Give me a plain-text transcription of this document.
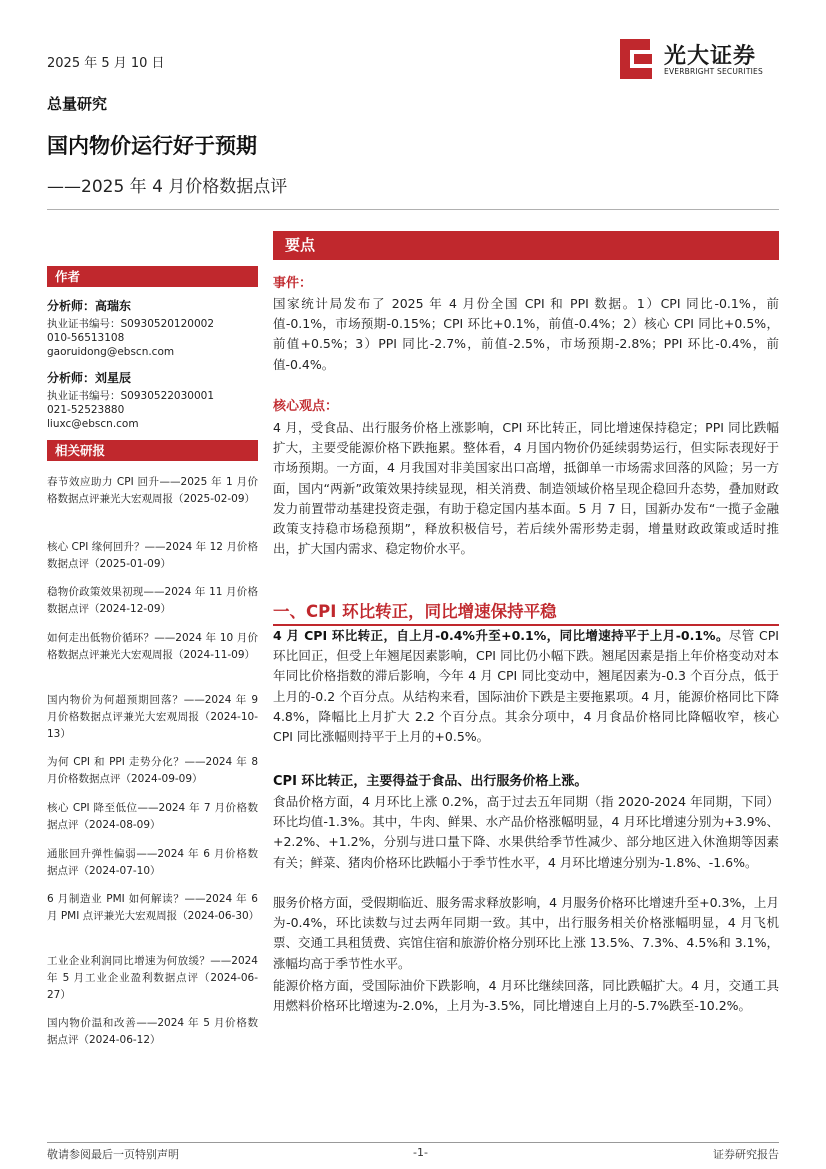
2025 年 5 月 10 日	光大证券
EVERBRIGHT SECURITIES
总量研究
国内物价运行好于预期
——2025 年 4 月价格数据点评
作者
分析师：高瑞东
执业证书编号：S0930520120002
010-56513108
gaoruidong@ebscn.com
分析师：刘星辰
执业证书编号：S0930522030001
021-52523880
liuxc@ebscn.com
相关研报
春节效应助力 CPI 回升——2025 年 1 月价格数据点评兼光大宏观周报（2025-02-09）
核心 CPI 缘何回升？——2024 年 12 月价格数据点评（2025-01-09）
稳物价政策效果初现——2024 年 11 月价格数据点评（2024-12-09）
如何走出低物价循环？——2024 年 10 月价格数据点评兼光大宏观周报（2024-11-09）
国内物价为何超预期回落？——2024 年 9 月价格数据点评兼光大宏观周报（2024-10-13）
为何 CPI 和 PPI 走势分化？——2024 年 8 月价格数据点评（2024-09-09）
核心 CPI 降至低位——2024 年 7 月价格数据点评（2024-08-09）
通胀回升弹性偏弱——2024 年 6 月价格数据点评（2024-07-10）
6 月制造业 PMI 如何解读？——2024 年 6 月 PMI 点评兼光大宏观周报（2024-06-30）
工业企业利润同比增速为何放缓？——2024 年 5 月工业企业盈利数据点评（2024-06-27）
国内物价温和改善——2024 年 5 月价格数据点评（2024-06-12）
要点
事件：
国家统计局发布了 2025 年 4 月份全国 CPI 和 PPI 数据。1）CPI 同比-0.1%，前值-0.1%，市场预期-0.15%；CPI 环比+0.1%，前值-0.4%；2）核心 CPI 同比+0.5%，前值+0.5%；3）PPI 同比-2.7%，前值-2.5%，市场预期-2.8%；PPI 环比-0.4%，前值-0.4%。
核心观点：
4 月，受食品、出行服务价格上涨影响，CPI 环比转正，同比增速保持稳定；PPI 同比跌幅扩大，主要受能源价格下跌拖累。整体看，4 月国内物价仍延续弱势运行，但实际表现好于市场预期。一方面，4 月我国对非美国家出口高增，抵御单一市场需求回落的风险；另一方面，国内“两新”政策效果持续显现，相关消费、制造领域价格呈现企稳回升态势，叠加财政发力前置带动基建投资走强，有助于稳定国内基本面。5 月 7 日，国新办发布“一揽子金融政策支持稳市场稳预期”，释放积极信号，若后续外需形势走弱，增量财政政策或适时推出，扩大国内需求、稳定物价水平。
一、CPI 环比转正，同比增速保持平稳
4 月 CPI 环比转正，自上月-0.4%升至+0.1%，同比增速持平于上月-0.1%。尽管 CPI 环比回正，但受上年翘尾因素影响，CPI 同比仍小幅下跌。翘尾因素是指上年价格变动对本年同比价格指数的滞后影响，今年 4 月 CPI 同比变动中，翘尾因素为-0.3 个百分点，低于上月的-0.2 个百分点。从结构来看，国际油价下跌是主要拖累项。4 月，能源价格同比下降 4.8%，降幅比上月扩大 2.2 个百分点。其余分项中，4 月食品价格同比降幅收窄，核心 CPI 同比涨幅则持平于上月的+0.5%。
CPI 环比转正，主要得益于食品、出行服务价格上涨。
食品价格方面，4 月环比上涨 0.2%，高于过去五年同期（指 2020-2024 年同期，下同）环比均值-1.3%。其中，牛肉、鲜果、水产品价格涨幅明显，4 月环比增速分别为+3.9%、+2.2%、+1.2%，分别与进口量下降、水果供给季节性减少、部分地区进入休渔期等因素有关；鲜菜、猪肉价格环比跌幅小于季节性水平，4 月环比增速分别为-1.8%、-1.6%。
服务价格方面，受假期临近、服务需求释放影响，4 月服务价格环比增速升至+0.3%，上月为-0.4%，环比读数与过去两年同期一致。其中，出行服务相关价格涨幅明显，4 月飞机票、交通工具租赁费、宾馆住宿和旅游价格分别环比上涨 13.5%、7.3%、4.5%和 3.1%，涨幅均高于季节性水平。
能源价格方面，受国际油价下跌影响，4 月环比继续回落，同比跌幅扩大。4 月，交通工具用燃料价格环比增速为-2.0%，上月为-3.5%，同比增速自上月的-5.7%跌至-10.2%。
敬请参阅最后一页特别声明	-1-	证券研究报告
